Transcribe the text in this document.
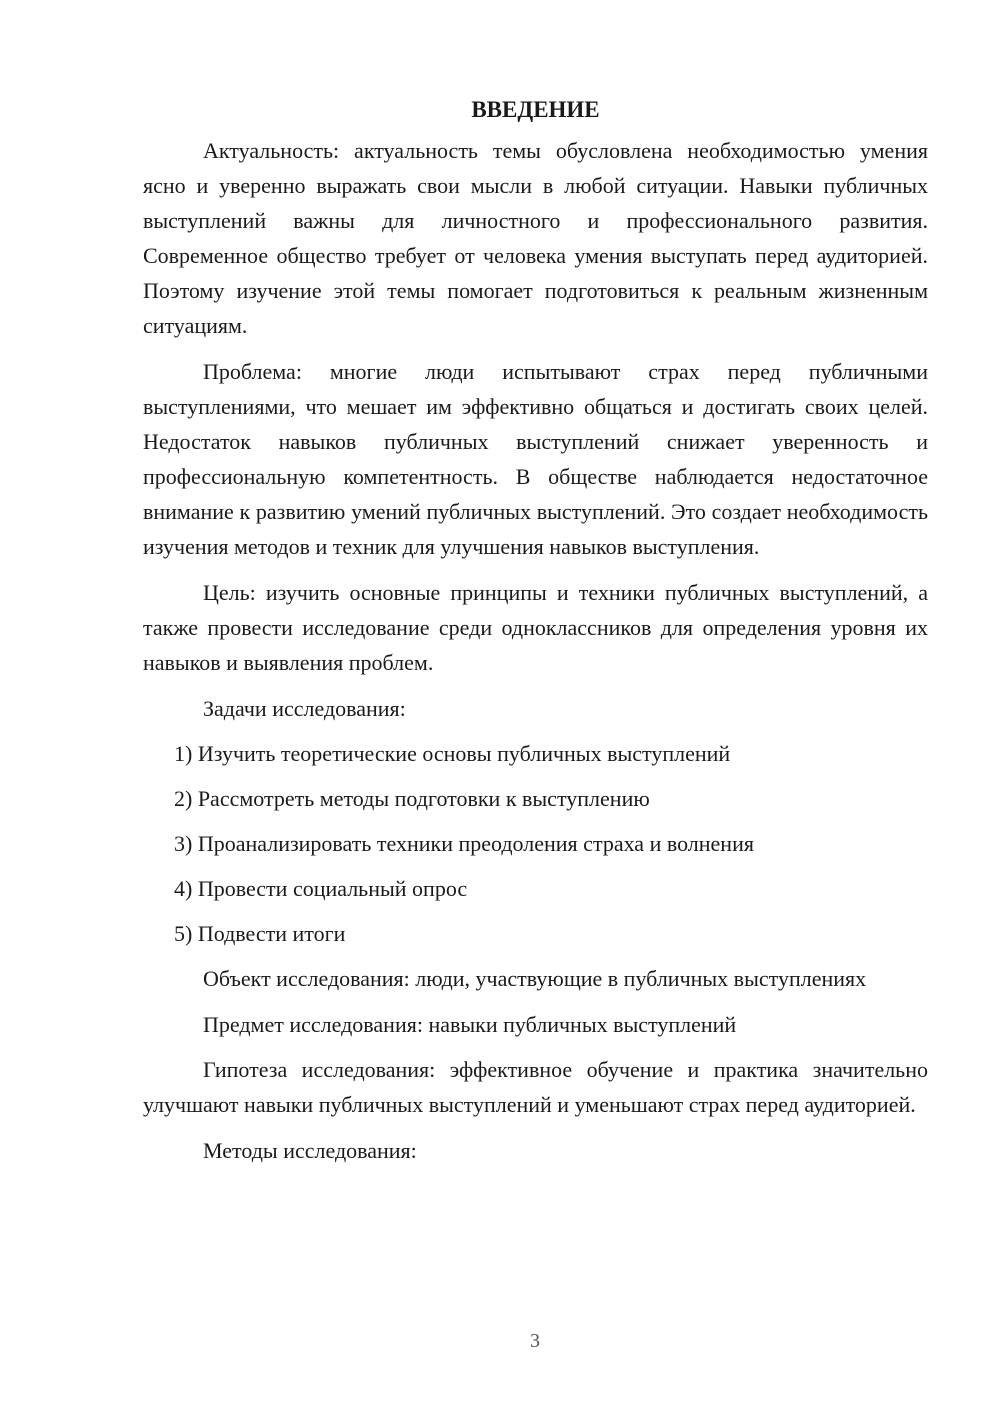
ВВЕДЕНИЕ

Актуальность: актуальность темы обусловлена необходимостью умения ясно и уверенно выражать свои мысли в любой ситуации. Навыки публичных выступлений важны для личностного и профессионального развития. Современное общество требует от человека умения выступать перед аудиторией. Поэтому изучение этой темы помогает подготовиться к реальным жизненным ситуациям.

Проблема: многие люди испытывают страх перед публичными выступлениями, что мешает им эффективно общаться и достигать своих целей. Недостаток навыков публичных выступлений снижает уверенность и профессиональную компетентность. В обществе наблюдается недостаточное внимание к развитию умений публичных выступлений. Это создает необходимость изучения методов и техник для улучшения навыков выступления.

Цель: изучить основные принципы и техники публичных выступлений, а также провести исследование среди одноклассников для определения уровня их навыков и выявления проблем.

Задачи исследования:

1) Изучить теоретические основы публичных выступлений
2) Рассмотреть методы подготовки к выступлению
3) Проанализировать техники преодоления страха и волнения
4) Провести социальный опрос
5) Подвести итоги

Объект исследования: люди, участвующие в публичных выступлениях

Предмет исследования: навыки публичных выступлений

Гипотеза исследования: эффективное обучение и практика значительно улучшают навыки публичных выступлений и уменьшают страх перед аудиторией.

Методы исследования:

3
